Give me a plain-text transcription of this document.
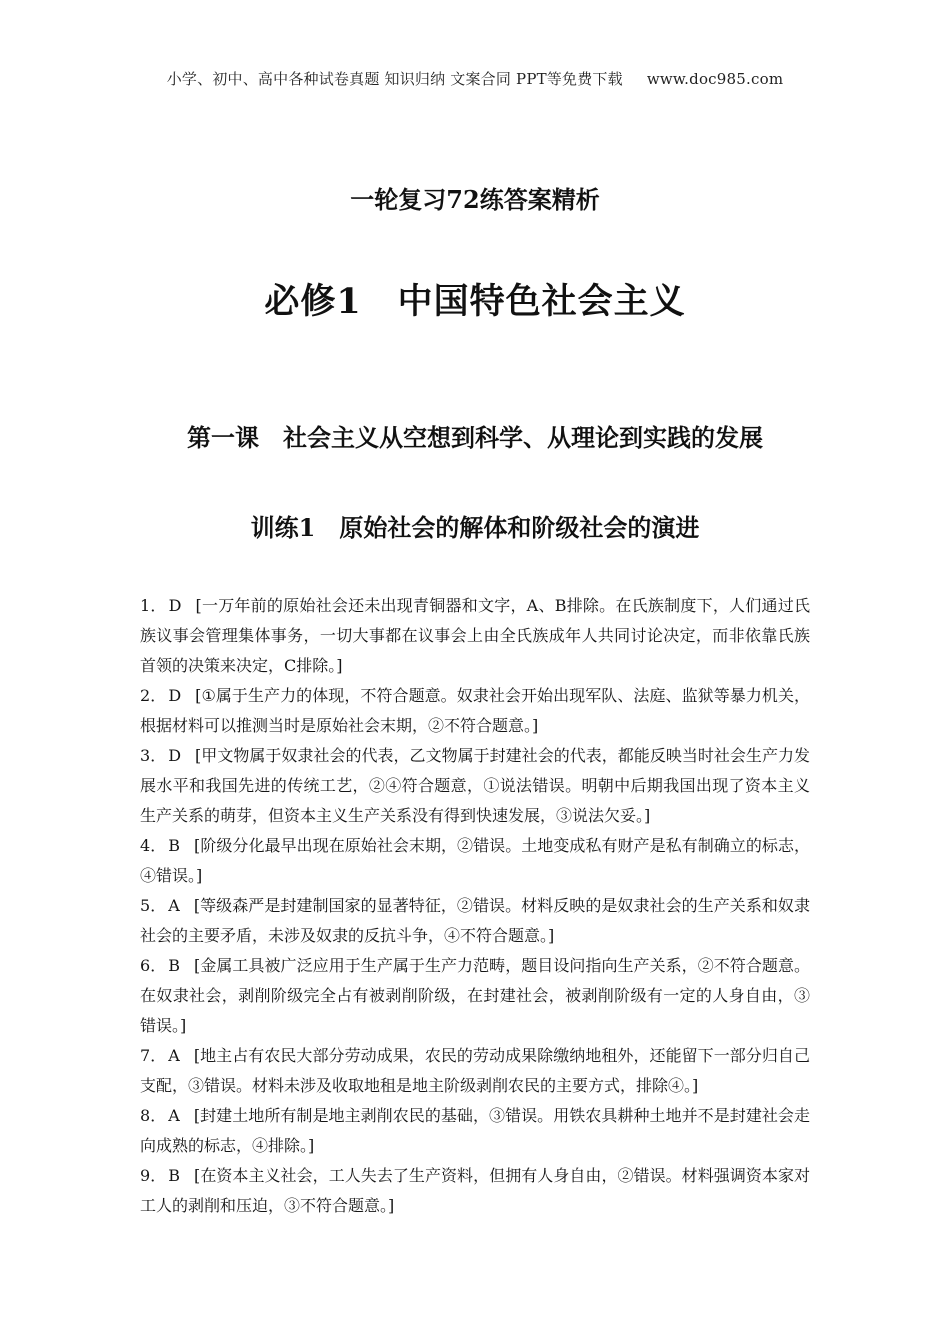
小学、初中、高中各种试卷真题 知识归纳 文案合同 PPT等免费下载 www.doc985.com
一轮复习72练答案精析
必修1　中国特色社会主义
第一课　社会主义从空想到科学、从理论到实践的发展
训练1　原始社会的解体和阶级社会的演进

1． D [一万年前的原始社会还未出现青铜器和文字，A、B排除。在氏族制度下，人们通过氏族议事会管理集体事务，一切大事都在议事会上由全氏族成年人共同讨论决定，而非依靠氏族首领的决策来决定，C排除。]

2． D [①属于生产力的体现，不符合题意。奴隶社会开始出现军队、法庭、监狱等暴力机关，根据材料可以推测当时是原始社会末期，②不符合题意。]

3． D [甲文物属于奴隶社会的代表，乙文物属于封建社会的代表，都能反映当时社会生产力发展水平和我国先进的传统工艺，②④符合题意，①说法错误。明朝中后期我国出现了资本主义生产关系的萌芽，但资本主义生产关系没有得到快速发展，③说法欠妥。]

4． B [阶级分化最早出现在原始社会末期，②错误。土地变成私有财产是私有制确立的标志，④错误。]

5． A [等级森严是封建制国家的显著特征，②错误。材料反映的是奴隶社会的生产关系和奴隶社会的主要矛盾，未涉及奴隶的反抗斗争，④不符合题意。]

6． B [金属工具被广泛应用于生产属于生产力范畴，题目设问指向生产关系，②不符合题意。在奴隶社会，剥削阶级完全占有被剥削阶级，在封建社会，被剥削阶级有一定的人身自由，③错误。]

7． A [地主占有农民大部分劳动成果，农民的劳动成果除缴纳地租外，还能留下一部分归自己支配，③错误。材料未涉及收取地租是地主阶级剥削农民的主要方式，排除④。]

8． A [封建土地所有制是地主剥削农民的基础，③错误。用铁农具耕种土地并不是封建社会走向成熟的标志，④排除。]

9． B [在资本主义社会，工人失去了生产资料，但拥有人身自由，②错误。材料强调资本家对工人的剥削和压迫，③不符合题意。]
